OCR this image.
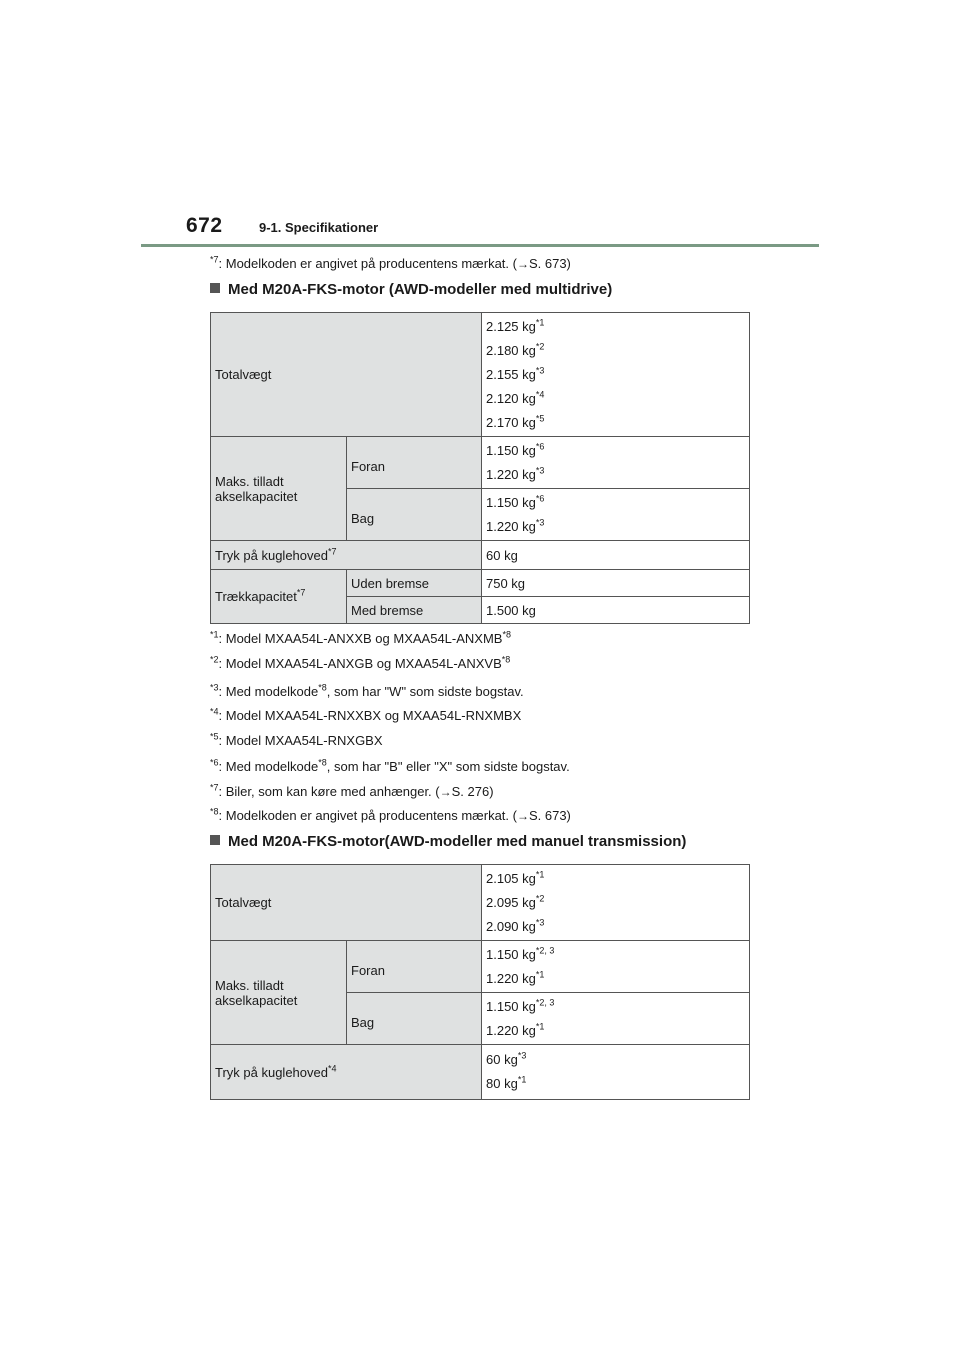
672	9-1. Specifikationer
$^{*7}$: Modelkoden er angivet på producentens mærkat. (→S. 673)
Med M20A-FKS-motor (AWD-modeller med multidrive)
Totalvægt		2.125 $kg^{*1}$
2.180 $kg^{*2}$
2.155 $kg^{*3}$
2.120 $kg^{*4}$
2.170 $kg^{*5}$

Maks. tilladt
akselkapacitet	Foran	1.150 $kg^{*6}$
1.220 $kg^{*3}$

	Bag	1.150 $kg^{*6}$
1.220 $kg^{*3}$

Tryk på kuglehoved$^{*7}$		60 kg
Trækkapacitet$^{*7}$	Uden bremse	750 kg
	Med bremse	1.500 kg
$^{*1}$: Model MXAA54L-ANXXB og MXAA54L-ANXMB$^{*8}$
$^{*2}$: Model MXAA54L-ANXGB og MXAA54L-ANXVB$^{*8}$
$^{*3}$: Med modelkode$^{*8}$, som har "W" som sidste bogstav.
$^{*4}$: Model MXAA54L-RNXXBX og MXAA54L-RNXMBX
$^{*5}$: Model MXAA54L-RNXGBX
$^{*6}$: Med modelkode$^{*8}$, som har "B" eller "X" som sidste bogstav.
$^{*7}$: Biler, som kan køre med anhænger. (→S. 276)
$^{*8}$: Modelkoden er angivet på producentens mærkat. (→S. 673)
Med M20A-FKS-motor(AWD-modeller med manuel transmission)
Totalvægt		2.105 $kg^{*1}$
2.095 $kg^{*2}$
2.090 $kg^{*3}$

Maks. tilladt
akselkapacitet	Foran	1.150 kg$^{*2, 3}$
1.220 $kg^{*1}$

	Bag	1.150 kg$^{*2, 3}$
1.220 $kg^{*1}$

Tryk på kuglehoved$^{*4}$		60 $kg^{*3}$
80 $kg^{*1}$
